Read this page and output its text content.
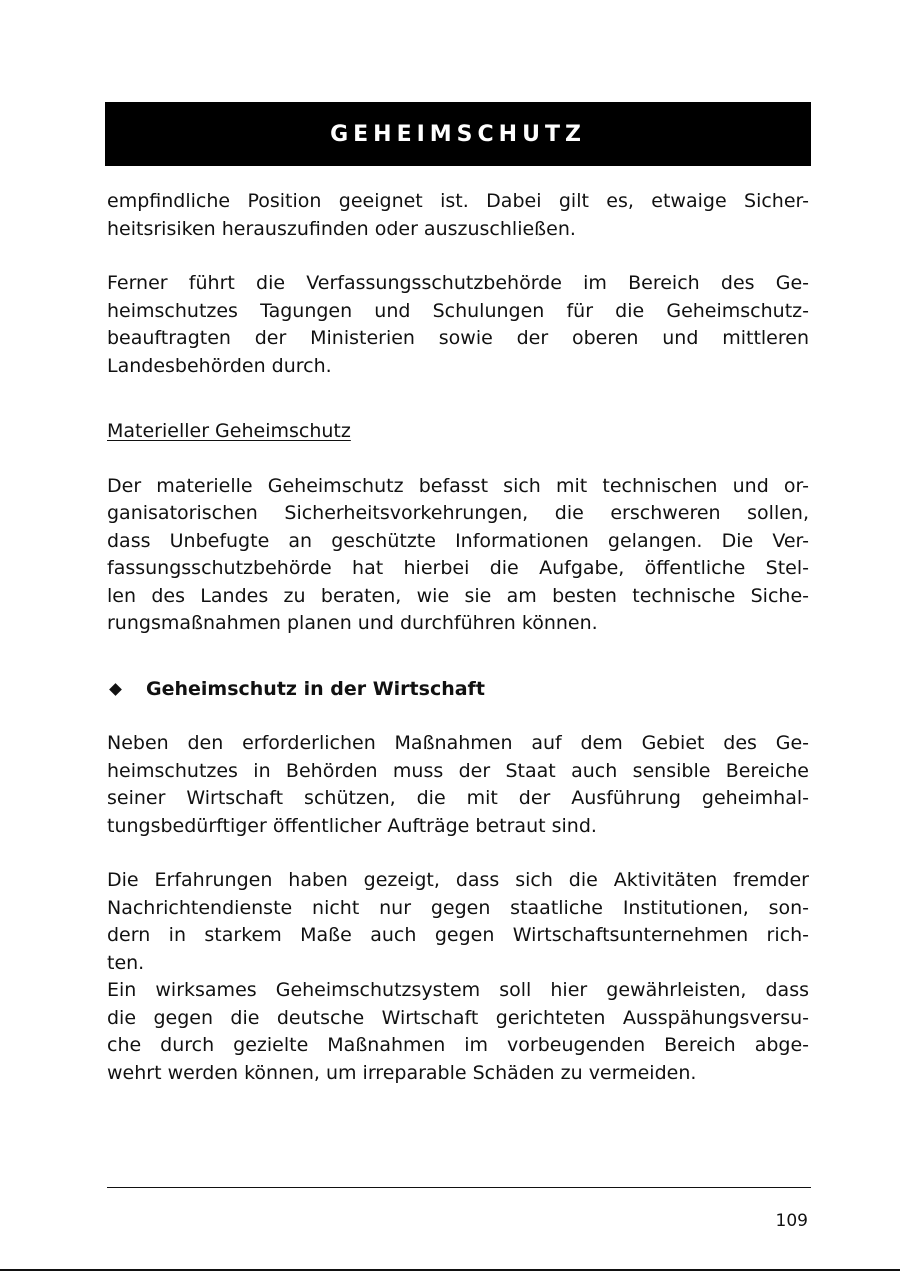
GEHEIMSCHUTZ

empfindliche Position geeignet ist. Dabei gilt es, etwaige Sicher-
heitsrisiken herauszufinden oder auszuschließen.

Ferner führt die Verfassungsschutzbehörde im Bereich des Ge-
heimschutzes Tagungen und Schulungen für die Geheimschutz-
beauftragten der Ministerien sowie der oberen und mittleren
Landesbehörden durch.

Materieller Geheimschutz

Der materielle Geheimschutz befasst sich mit technischen und or-
ganisatorischen Sicherheitsvorkehrungen, die erschweren sollen,
dass Unbefugte an geschützte Informationen gelangen. Die Ver-
fassungsschutzbehörde hat hierbei die Aufgabe, öffentliche Stel-
len des Landes zu beraten, wie sie am besten technische Siche-
rungsmaßnahmen planen und durchführen können.

Geheimschutz in der Wirtschaft

Neben den erforderlichen Maßnahmen auf dem Gebiet des Ge-
heimschutzes in Behörden muss der Staat auch sensible Bereiche
seiner Wirtschaft schützen, die mit der Ausführung geheimhal-
tungsbedürftiger öffentlicher Aufträge betraut sind.

Die Erfahrungen haben gezeigt, dass sich die Aktivitäten fremder
Nachrichtendienste nicht nur gegen staatliche Institutionen, son-
dern in starkem Maße auch gegen Wirtschaftsunternehmen rich-
ten.

Ein wirksames Geheimschutzsystem soll hier gewährleisten, dass
die gegen die deutsche Wirtschaft gerichteten Ausspähungsversu-
che durch gezielte Maßnahmen im vorbeugenden Bereich abge-
wehrt werden können, um irreparable Schäden zu vermeiden.

109
